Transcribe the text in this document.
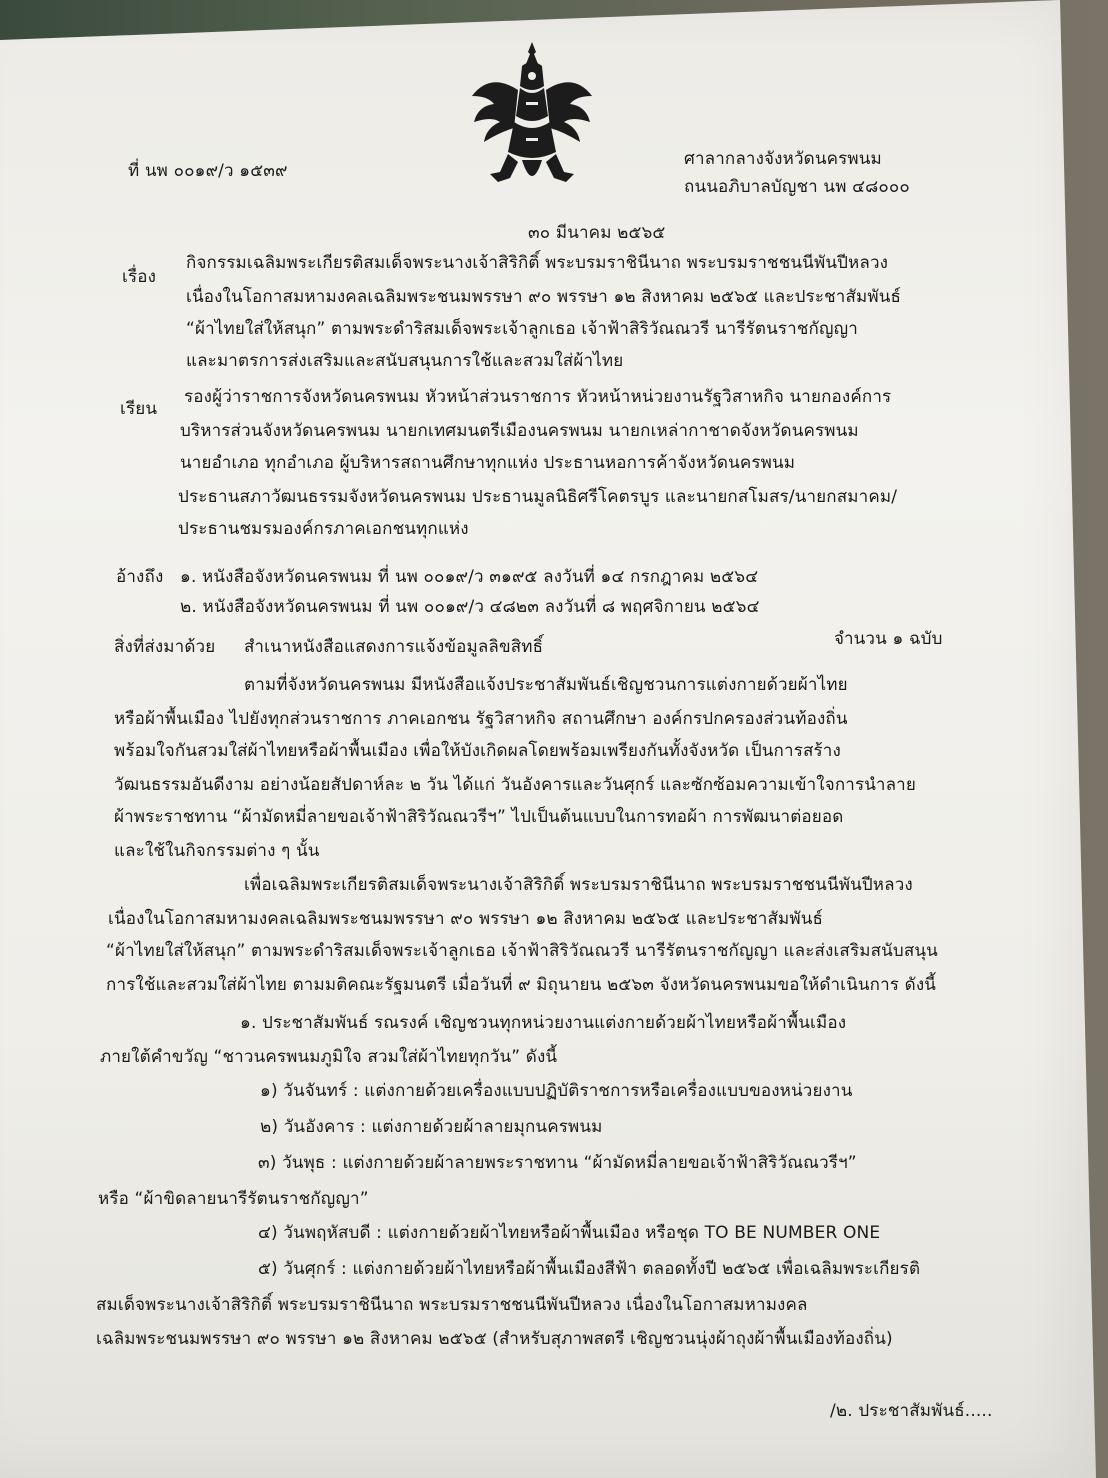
ที่ นพ ๐๐๑๙/ว ๑๕๓๙
ศาลากลางจังหวัดนครพนม
ถนนอภิบาลบัญชา นพ ๔๘๐๐๐
๓๐ มีนาคม ๒๕๖๕
เรื่อง
กิจกรรมเฉลิมพระเกียรติสมเด็จพระนางเจ้าสิริกิติ์ พระบรมราชินีนาถ พระบรมราชชนนีพันปีหลวง
เนื่องในโอกาสมหามงคลเฉลิมพระชนมพรรษา ๙๐ พรรษา ๑๒ สิงหาคม ๒๕๖๕ และประชาสัมพันธ์
“ผ้าไทยใส่ให้สนุก” ตามพระดำริสมเด็จพระเจ้าลูกเธอ เจ้าฟ้าสิริวัณณวรี นารีรัตนราชกัญญา
และมาตรการส่งเสริมและสนับสนุนการใช้และสวมใส่ผ้าไทย
เรียน
รองผู้ว่าราชการจังหวัดนครพนม หัวหน้าส่วนราชการ หัวหน้าหน่วยงานรัฐวิสาหกิจ นายกองค์การ
บริหารส่วนจังหวัดนครพนม นายกเทศมนตรีเมืองนครพนม นายกเหล่ากาชาดจังหวัดนครพนม
นายอำเภอ ทุกอำเภอ ผู้บริหารสถานศึกษาทุกแห่ง ประธานหอการค้าจังหวัดนครพนม
ประธานสภาวัฒนธรรมจังหวัดนครพนม ประธานมูลนิธิศรีโคตรบูร และนายกสโมสร/นายกสมาคม/
ประธานชมรมองค์กรภาคเอกชนทุกแห่ง
อ้างถึง ๑. หนังสือจังหวัดนครพนม ที่ นพ ๐๐๑๙/ว ๓๑๙๕ ลงวันที่ ๑๔ กรกฎาคม ๒๕๖๔
๒. หนังสือจังหวัดนครพนม ที่ นพ ๐๐๑๙/ว ๔๘๒๓ ลงวันที่ ๘ พฤศจิกายน ๒๕๖๔
สิ่งที่ส่งมาด้วย สำเนาหนังสือแสดงการแจ้งข้อมูลลิขสิทธิ์	จำนวน ๑ ฉบับ
ตามที่จังหวัดนครพนม มีหนังสือแจ้งประชาสัมพันธ์เชิญชวนการแต่งกายด้วยผ้าไทย
หรือผ้าพื้นเมือง ไปยังทุกส่วนราชการ ภาคเอกชน รัฐวิสาหกิจ สถานศึกษา องค์กรปกครองส่วนท้องถิ่น
พร้อมใจกันสวมใส่ผ้าไทยหรือผ้าพื้นเมือง เพื่อให้บังเกิดผลโดยพร้อมเพรียงกันทั้งจังหวัด เป็นการสร้าง
วัฒนธรรมอันดีงาม อย่างน้อยสัปดาห์ละ ๒ วัน ได้แก่ วันอังคารและวันศุกร์ และซักซ้อมความเข้าใจการนำลาย
ผ้าพระราชทาน “ผ้ามัดหมี่ลายขอเจ้าฟ้าสิริวัณณวรีฯ” ไปเป็นต้นแบบในการทอผ้า การพัฒนาต่อยอด
และใช้ในกิจกรรมต่าง ๆ นั้น
เพื่อเฉลิมพระเกียรติสมเด็จพระนางเจ้าสิริกิติ์ พระบรมราชินีนาถ พระบรมราชชนนีพันปีหลวง
เนื่องในโอกาสมหามงคลเฉลิมพระชนมพรรษา ๙๐ พรรษา ๑๒ สิงหาคม ๒๕๖๕ และประชาสัมพันธ์
“ผ้าไทยใส่ให้สนุก” ตามพระดำริสมเด็จพระเจ้าลูกเธอ เจ้าฟ้าสิริวัณณวรี นารีรัตนราชกัญญา และส่งเสริมสนับสนุน
การใช้และสวมใส่ผ้าไทย ตามมติคณะรัฐมนตรี เมื่อวันที่ ๙ มิถุนายน ๒๕๖๓ จังหวัดนครพนมขอให้ดำเนินการ ดังนี้
๑. ประชาสัมพันธ์ รณรงค์ เชิญชวนทุกหน่วยงานแต่งกายด้วยผ้าไทยหรือผ้าพื้นเมือง
ภายใต้คำขวัญ “ชาวนครพนมภูมิใจ สวมใส่ผ้าไทยทุกวัน” ดังนี้
๑) วันจันทร์ : แต่งกายด้วยเครื่องแบบปฏิบัติราชการหรือเครื่องแบบของหน่วยงาน
๒) วันอังคาร : แต่งกายด้วยผ้าลายมุกนครพนม
๓) วันพุธ : แต่งกายด้วยผ้าลายพระราชทาน “ผ้ามัดหมี่ลายขอเจ้าฟ้าสิริวัณณวรีฯ”
หรือ “ผ้าขิดลายนารีรัตนราชกัญญา”
๔) วันพฤหัสบดี : แต่งกายด้วยผ้าไทยหรือผ้าพื้นเมือง หรือชุด TO BE NUMBER ONE
๕) วันศุกร์ : แต่งกายด้วยผ้าไทยหรือผ้าพื้นเมืองสีฟ้า ตลอดทั้งปี ๒๕๖๕ เพื่อเฉลิมพระเกียรติ
สมเด็จพระนางเจ้าสิริกิติ์ พระบรมราชินีนาถ พระบรมราชชนนีพันปีหลวง เนื่องในโอกาสมหามงคล
เฉลิมพระชนมพรรษา ๙๐ พรรษา ๑๒ สิงหาคม ๒๕๖๕ (สำหรับสุภาพสตรี เชิญชวนนุ่งผ้าถุงผ้าพื้นเมืองท้องถิ่น)
/๒. ประชาสัมพันธ์.....
